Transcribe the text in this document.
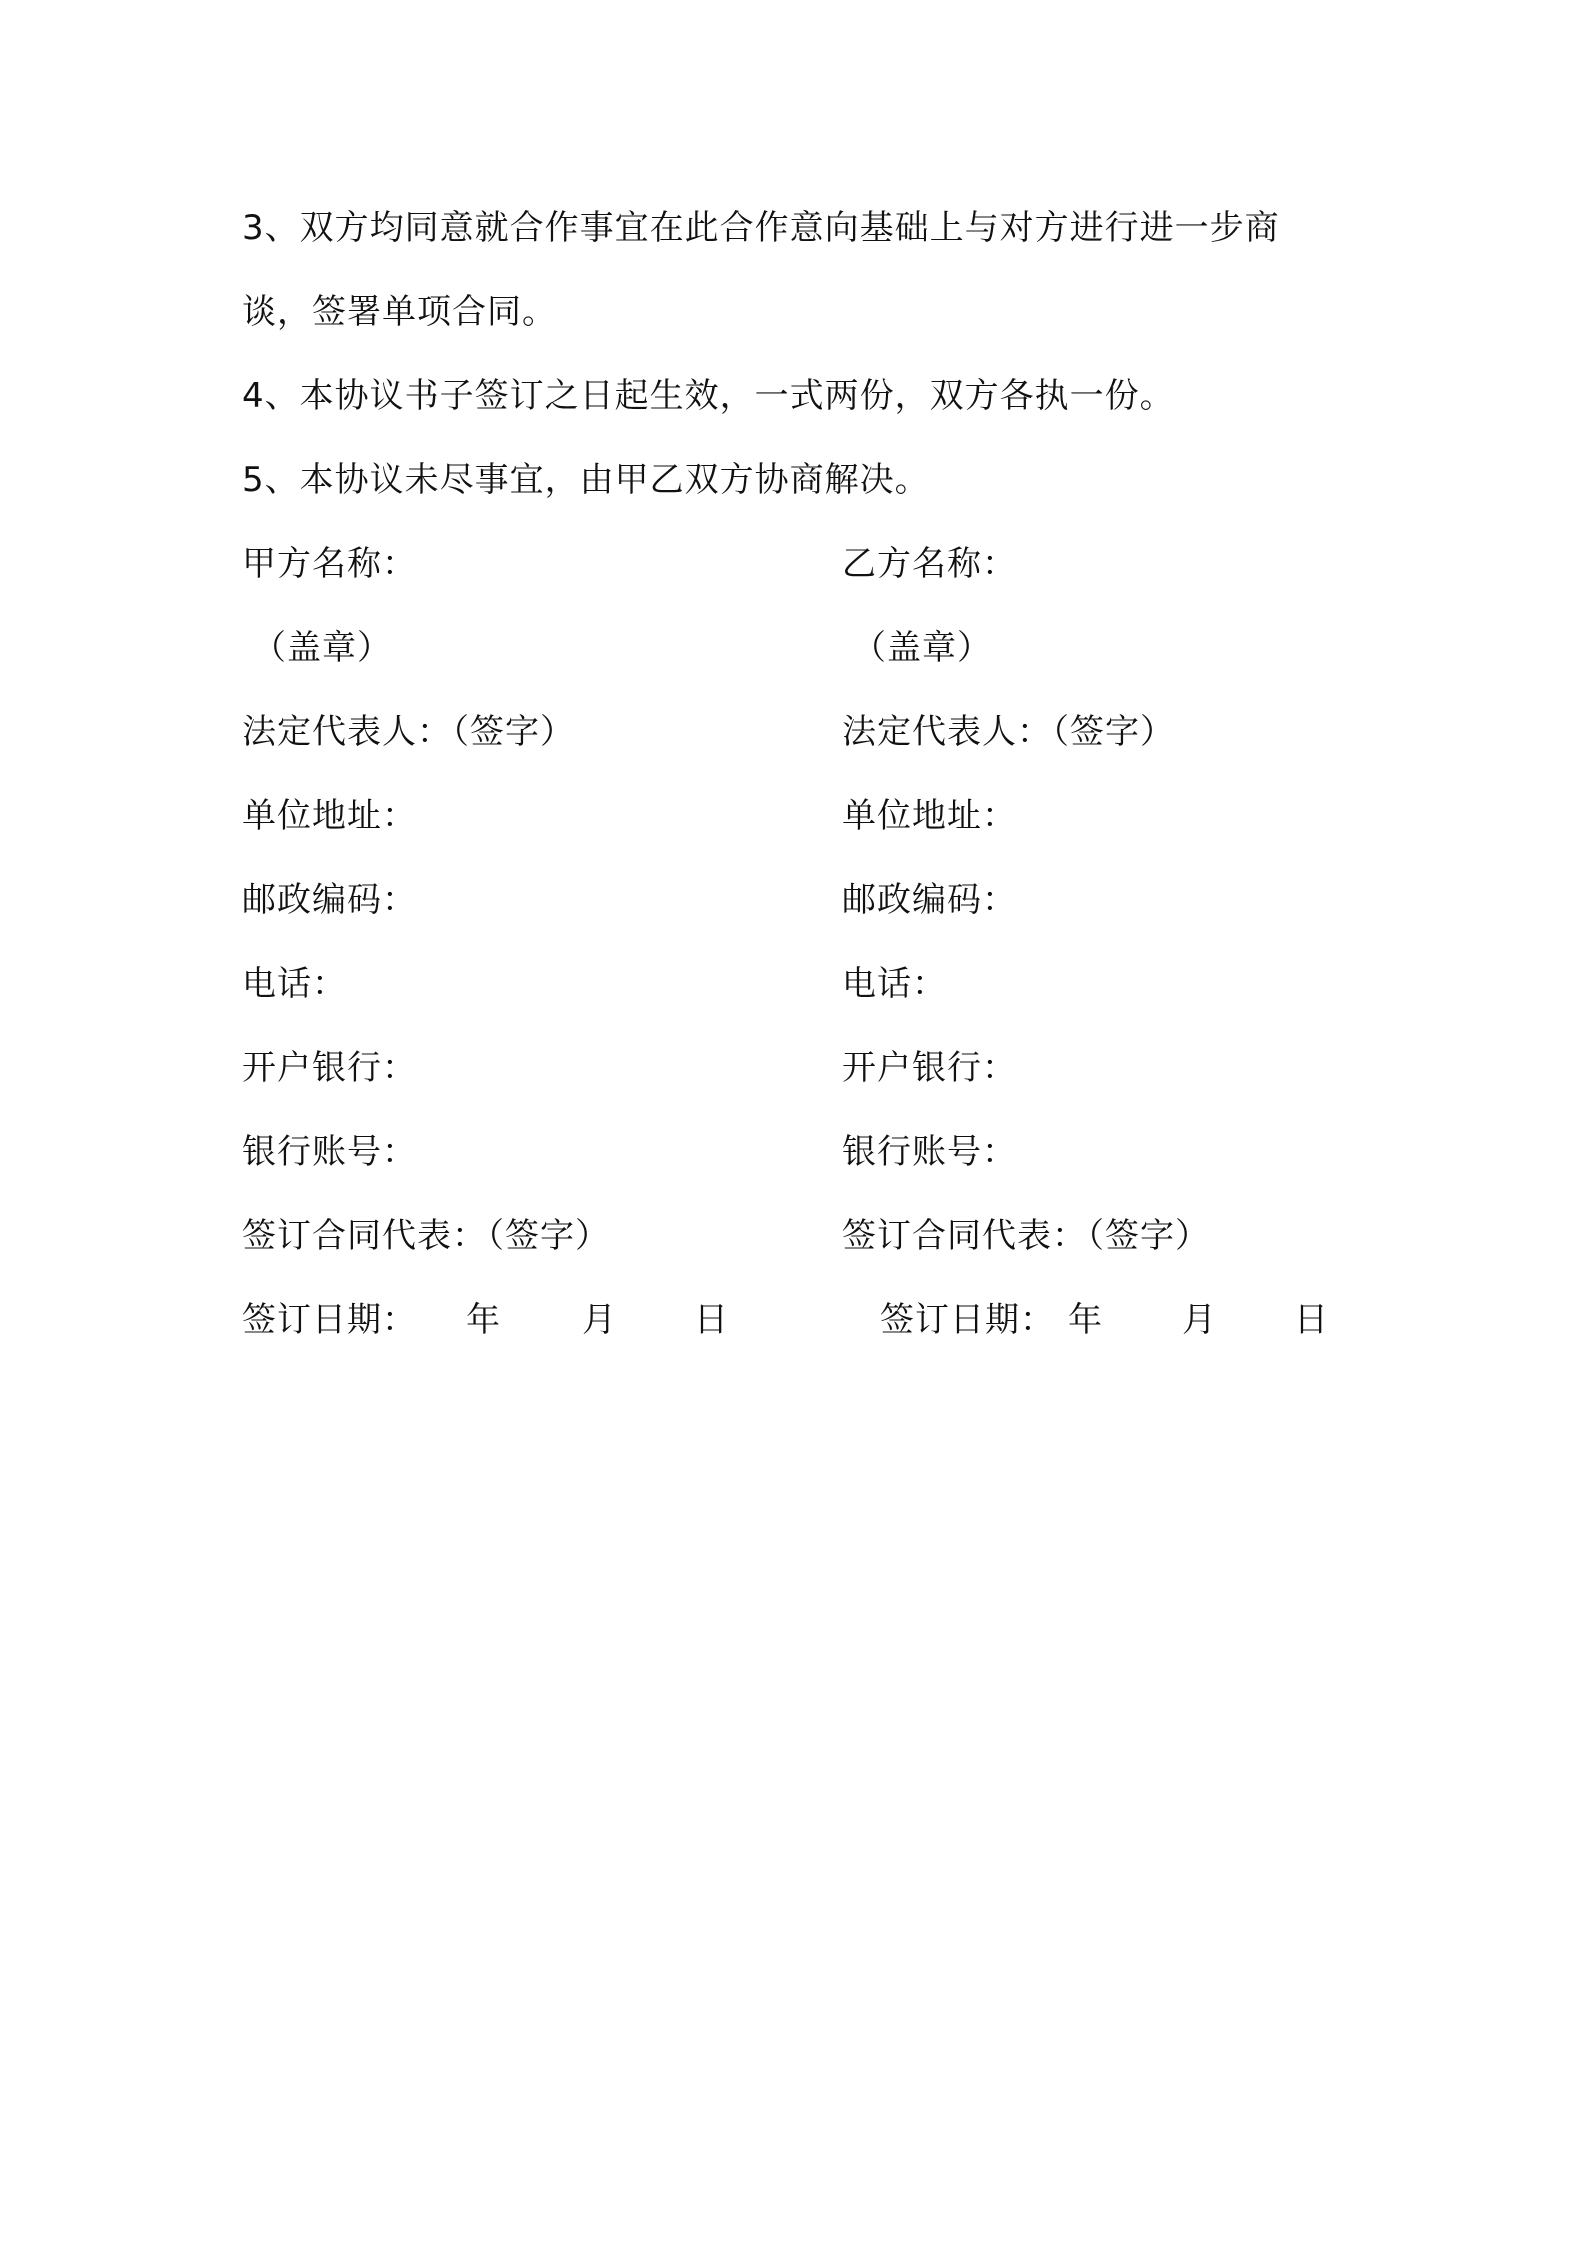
3、双方均同意就合作事宜在此合作意向基础上与对方进行进一步商
谈，签署单项合同。
4、本协议书子签订之日起生效，一式两份，双方各执一份。
5、本协议未尽事宜，由甲乙双方协商解决。
甲方名称：	乙方名称：
（盖章）	（盖章）
法定代表人：（签字）	法定代表人：（签字）
单位地址：	单位地址：
邮政编码：	邮政编码：
电话：	电话：
开户银行：	开户银行：
银行账号：	银行账号：
签订合同代表：（签字）	签订合同代表：（签字）
签订日期： 年 月 日	签订日期： 年 月 日
